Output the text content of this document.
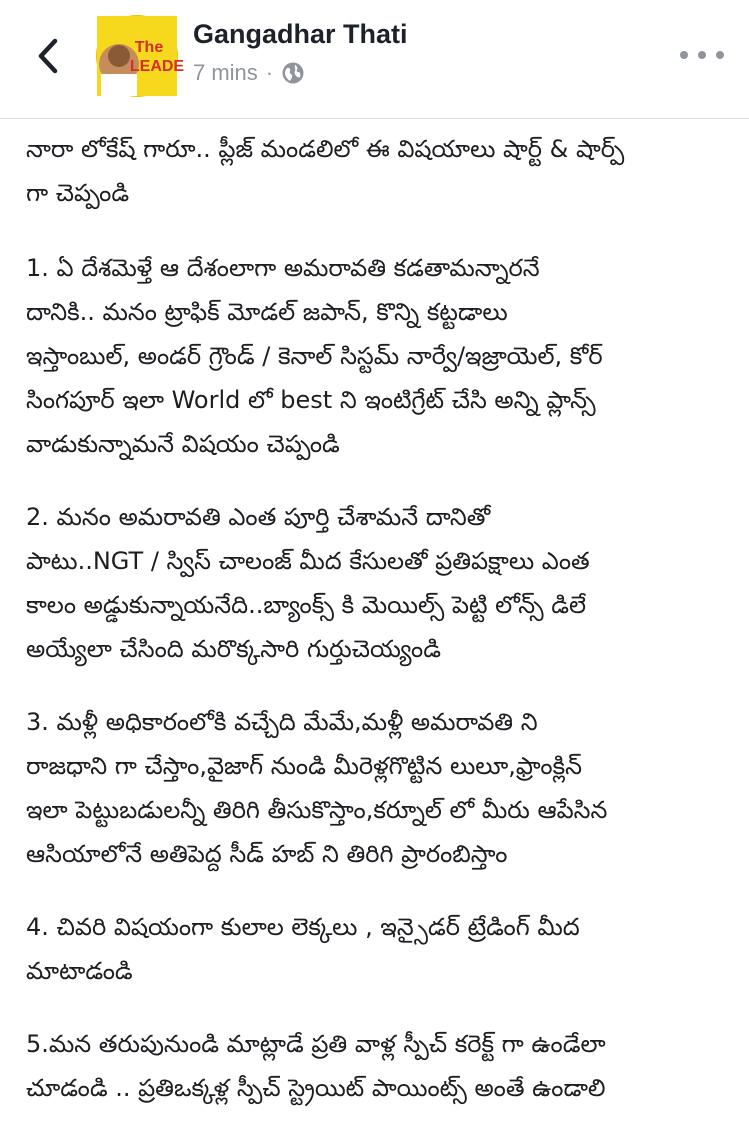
The
LEADE
Gangadhar Thati
7 mins ·

నారా లోకేష్ గారూ.. ప్లీజ్ మండలిలో ఈ విషయాలు షార్ట్ & షార్ప్
గా చెప్పండి

1. ఏ దేశమెళ్తే ఆ దేశంలాగా అమరావతి కడతామన్నారనే
దానికి.. మనం ట్రాఫిక్ మోడల్ జపాన్, కొన్ని కట్టడాలు
ఇస్తాంబుల్, అండర్ గ్రౌండ్ / కెనాల్ సిస్టమ్ నార్వే/ఇజ్రాయెల్, కోర్
సింగపూర్ ఇలా World లో best ని ఇంటిగ్రేట్ చేసి అన్ని ప్లాన్స్
వాడుకున్నామనే విషయం చెప్పండి

2. మనం అమరావతి ఎంత పూర్తి చేశామనే దానితో
పాటు..NGT / స్విస్ చాలంజ్ మీద కేసులతో ప్రతిపక్షాలు ఎంత
కాలం అడ్డుకున్నాయనేది..బ్యాంక్స్ కి మెయిల్స్ పెట్టి లోన్స్ డిలే
అయ్యేలా చేసింది మరొక్కసారి గుర్తుచెయ్యండి

3. మళ్లీ అధికారంలోకి వచ్చేది మేమే,మళ్లీ అమరావతి ని
రాజధాని గా చేస్తాం,వైజాగ్ నుండి మీరెళ్లగొట్టిన లులూ,ఫ్రాంక్లిన్
ఇలా పెట్టుబడులన్నీ తిరిగి తీసుకొస్తాం,కర్నూల్ లో మీరు ఆపేసిన
ఆసియాలోనే అతిపెద్ద సీడ్ హబ్ ని తిరిగి ప్రారంబిస్తాం

4. చివరి విషయంగా కులాల లెక్కలు , ఇన్సైడర్ ట్రేడింగ్ మీద
మాటాడండి

5.మన తరుపునుండి మాట్లాడే ప్రతి వాళ్ల స్పీచ్ కరెక్ట్ గా ఉండేలా
చూడండి .. ప్రతిఒక్కళ్ల స్పీచ్ స్ట్రెయిట్ పాయింట్స్ అంతే ఉండాలి
